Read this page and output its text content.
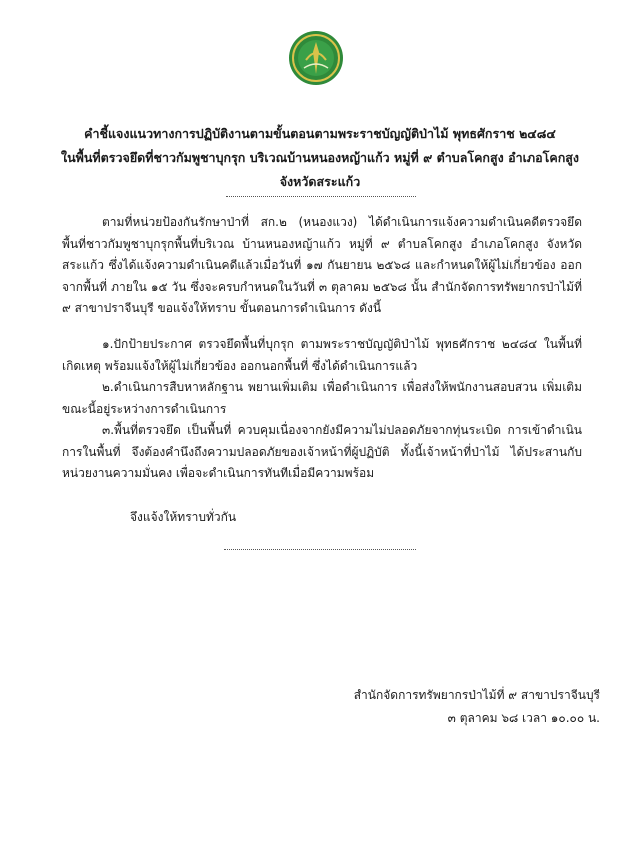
คำชี้แจงแนวทางการปฏิบัติงานตามขั้นตอนตามพระราชบัญญัติป่าไม้ พุทธศักราช ๒๔๘๔
ในพื้นที่ตรวจยึดที่ชาวกัมพูชาบุกรุก บริเวณบ้านหนองหญ้าแก้ว หมู่ที่ ๙ ตำบลโคกสูง อำเภอโคกสูง
จังหวัดสระแก้ว
ตามที่หน่วยป้องกันรักษาป่าที่ สก.๒ (หนองแวง) ได้ดำเนินการแจ้งความดำเนินคดีตรวจยึดพื้นที่ชาวกัมพูชาบุกรุกพื้นที่บริเวณ บ้านหนองหญ้าแก้ว หมู่ที่ ๙ ตำบลโคกสูง อำเภอโคกสูง จังหวัดสระแก้ว ซึ่งได้แจ้งความดำเนินคดีแล้วเมื่อวันที่ ๑๗ กันยายน ๒๕๖๘ และกำหนดให้ผู้ไม่เกี่ยวข้อง ออกจากพื้นที่ ภายใน ๑๕ วัน ซึ่งจะครบกำหนดในวันที่ ๓ ตุลาคม ๒๕๖๘ นั้น สำนักจัดการทรัพยากรป่าไม้ที่ ๙ สาขาปราจีนบุรี ขอแจ้งให้ทราบ ขั้นตอนการดำเนินการ ดังนี้

๑.ปักป้ายประกาศ ตรวจยึดพื้นที่บุกรุก ตามพระราชบัญญัติป่าไม้ พุทธศักราช ๒๔๘๔ ในพื้นที่เกิดเหตุ พร้อมแจ้งให้ผู้ไม่เกี่ยวข้อง ออกนอกพื้นที่ ซึ่งได้ดำเนินการแล้ว

๒.ดำเนินการสืบหาหลักฐาน พยานเพิ่มเติม เพื่อดำเนินการ เพื่อส่งให้พนักงานสอบสวน เพิ่มเติมขณะนี้อยู่ระหว่างการดำเนินการ

๓.พื้นที่ตรวจยึด เป็นพื้นที่ ควบคุมเนื่องจากยังมีความไม่ปลอดภัยจากทุ่นระเบิด การเข้าดำเนินการในพื้นที่ จึงต้องคำนึงถึงความปลอดภัยของเจ้าหน้าที่ผู้ปฏิบัติ ทั้งนี้เจ้าหน้าที่ป่าไม้ ได้ประสานกับหน่วยงานความมั่นคง เพื่อจะดำเนินการทันทีเมื่อมีความพร้อม

จึงแจ้งให้ทราบทั่วกัน
สำนักจัดการทรัพยากรป่าไม้ที่ ๙ สาขาปราจีนบุรี
๓ ตุลาคม ๖๘ เวลา ๑๐.๐๐ น.
